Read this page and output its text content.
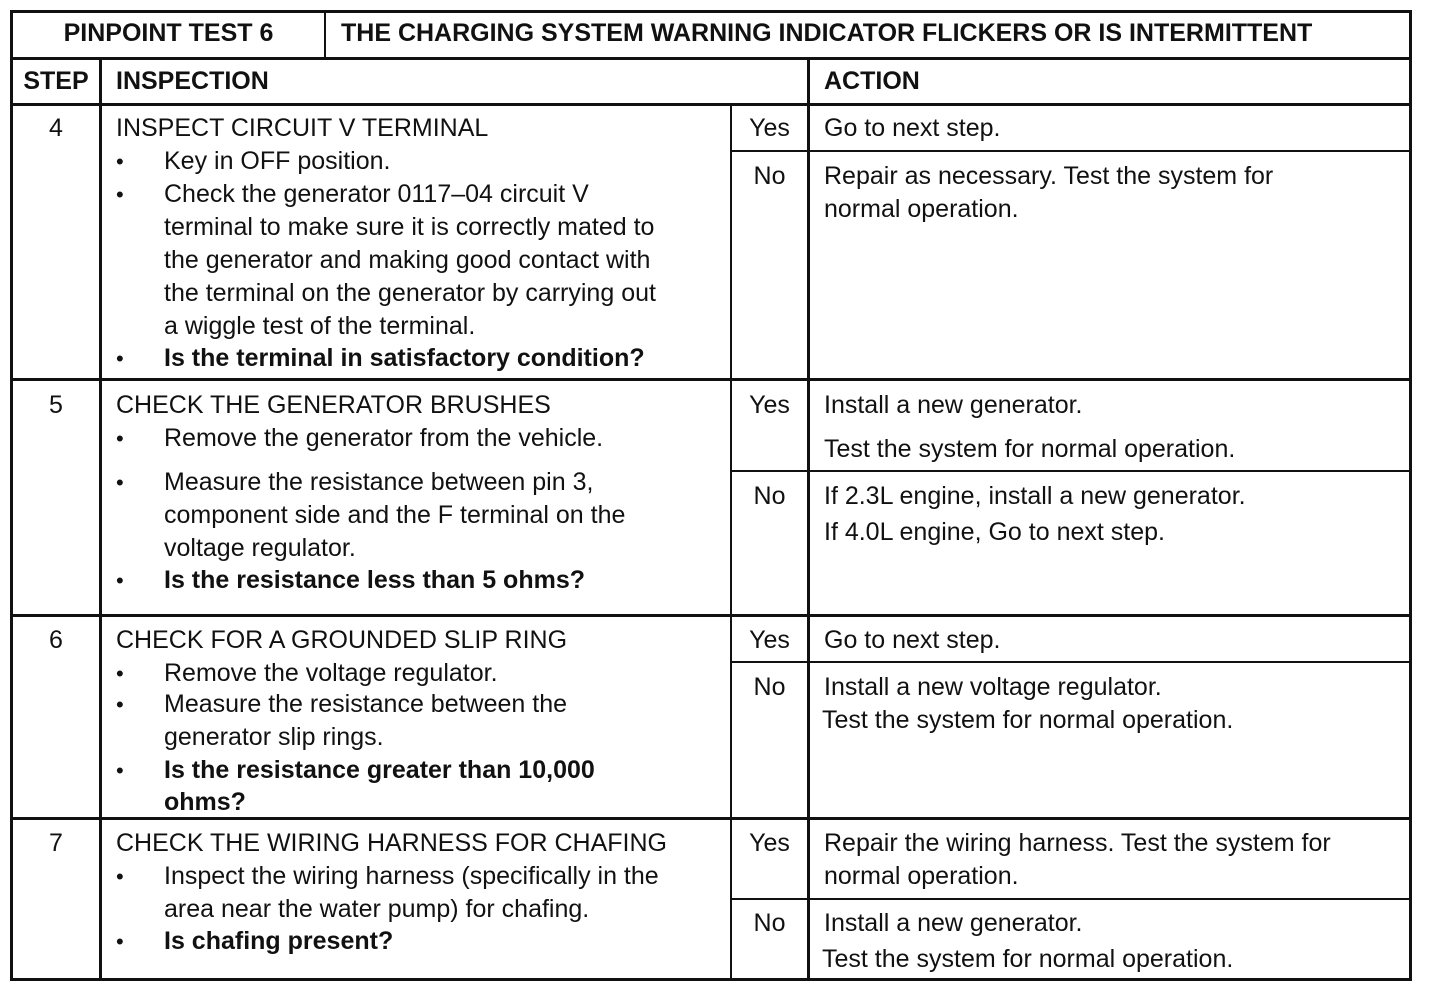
PINPOINT TEST 6	THE CHARGING SYSTEM WARNING INDICATOR FLICKERS OR IS INTERMITTENT
STEP	INSPECTION	ACTION
4	INSPECT CIRCUIT V TERMINAL
• Key in OFF position.
• Check the generator 0117–04 circuit V
terminal to make sure it is correctly mated to
the generator and making good contact with
the terminal on the generator by carrying out
a wiggle test of the terminal.
• Is the terminal in satisfactory condition?
Yes	Go to next step.
No	Repair as necessary. Test the system for
normal operation.
5	CHECK THE GENERATOR BRUSHES
• Remove the generator from the vehicle.
• Measure the resistance between pin 3,
component side and the F terminal on the
voltage regulator.
• Is the resistance less than 5 ohms?
Yes	Install a new generator.
Test the system for normal operation.
No	If 2.3L engine, install a new generator.
If 4.0L engine, Go to next step.
6	CHECK FOR A GROUNDED SLIP RING
• Remove the voltage regulator.
• Measure the resistance between the
generator slip rings.
• Is the resistance greater than 10,000
ohms?
Yes	Go to next step.
No	Install a new voltage regulator.
Test the system for normal operation.
7	CHECK THE WIRING HARNESS FOR CHAFING
• Inspect the wiring harness (specifically in the
area near the water pump) for chafing.
• Is chafing present?
Yes	Repair the wiring harness. Test the system for
normal operation.
No	Install a new generator.
Test the system for normal operation.
